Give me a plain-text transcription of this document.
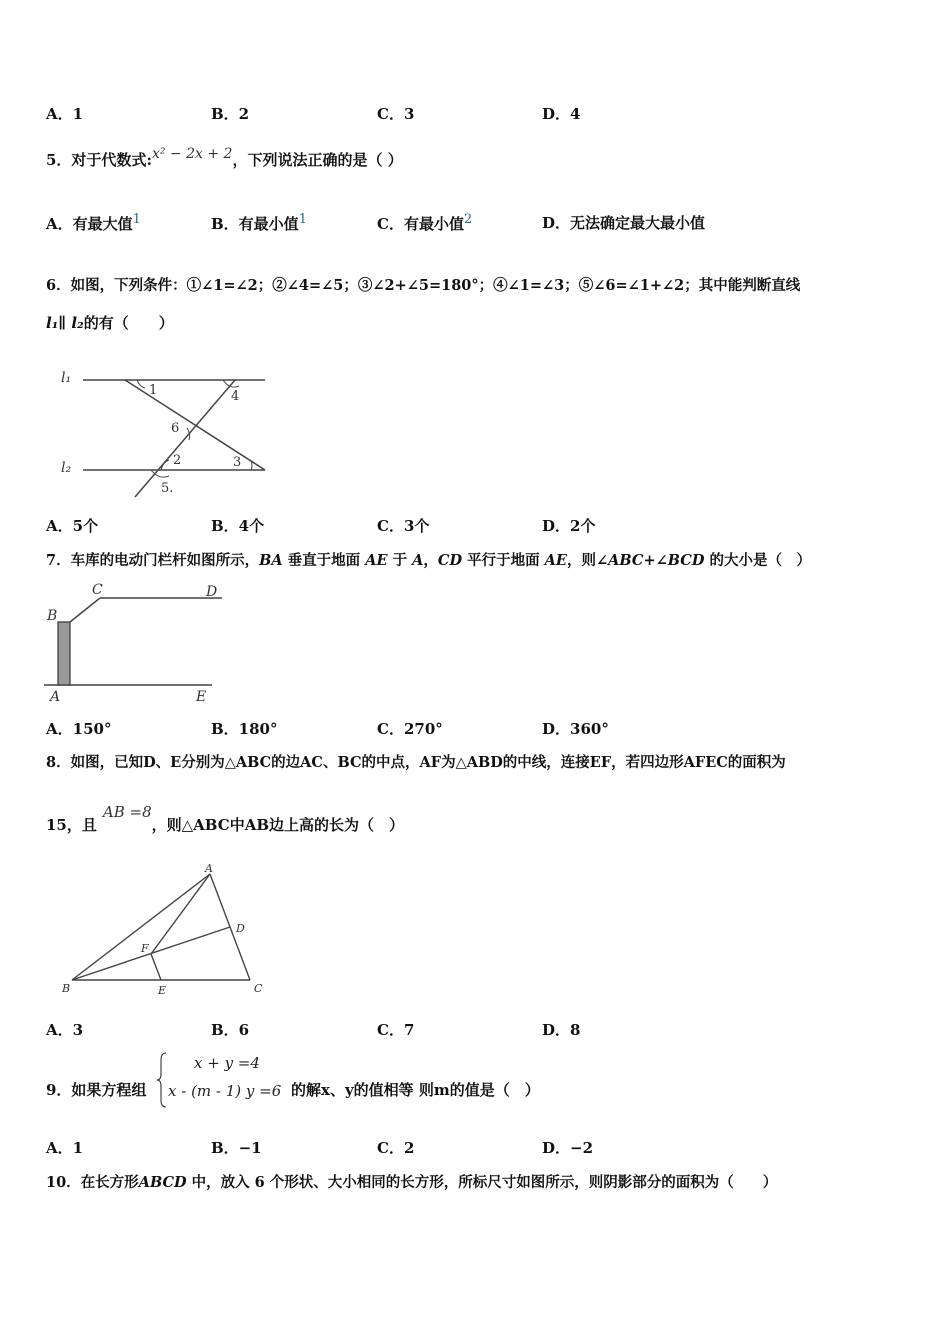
A．1	B．2	C．3	D．4
5．对于代数式:x² − 2x + 2，下列说法正确的是（ ）
A．有最大值$^1$	B．有最小值$^1$	C．有最小值$^2$	D．无法确定最大最小值
6．如图，下列条件：①∠1=∠2；②∠4=∠5；③∠2+∠5=180°；④∠1=∠3；⑤∠6=∠1+∠2；其中能判断直线
l₁∥ l₂的有（　　）
l₁
l₂
1	4
6
2	3
5.
A．5个	B．4个	C．3个	D．2个
7．车库的电动门栏杆如图所示，BA 垂直于地面 AE 于 A，CD 平行于地面 AE，则∠ABC+∠BCD 的大小是（　）
B
C	D
A	E
A．150°	B．180°	C．270°	D．360°
8．如图，已知D、E分别为△ABC的边AC、BC的中点，AF为△ABD的中线，连接EF，若四边形AFEC的面积为
15，且AB =8，则△ABC中AB边上高的长为（　）
A
B	C
D
E
F
A．3	B．6	C．7	D．8
9．如果方程组
x + y =4
x - (m - 1) y =6 的解x、y的值相等 则m的值是（　）
A．1	B．−1	C．2	D．−2
10．在长方形ABCD 中，放入 6 个形状、大小相同的长方形，所标尺寸如图所示，则阴影部分的面积为（　　）
